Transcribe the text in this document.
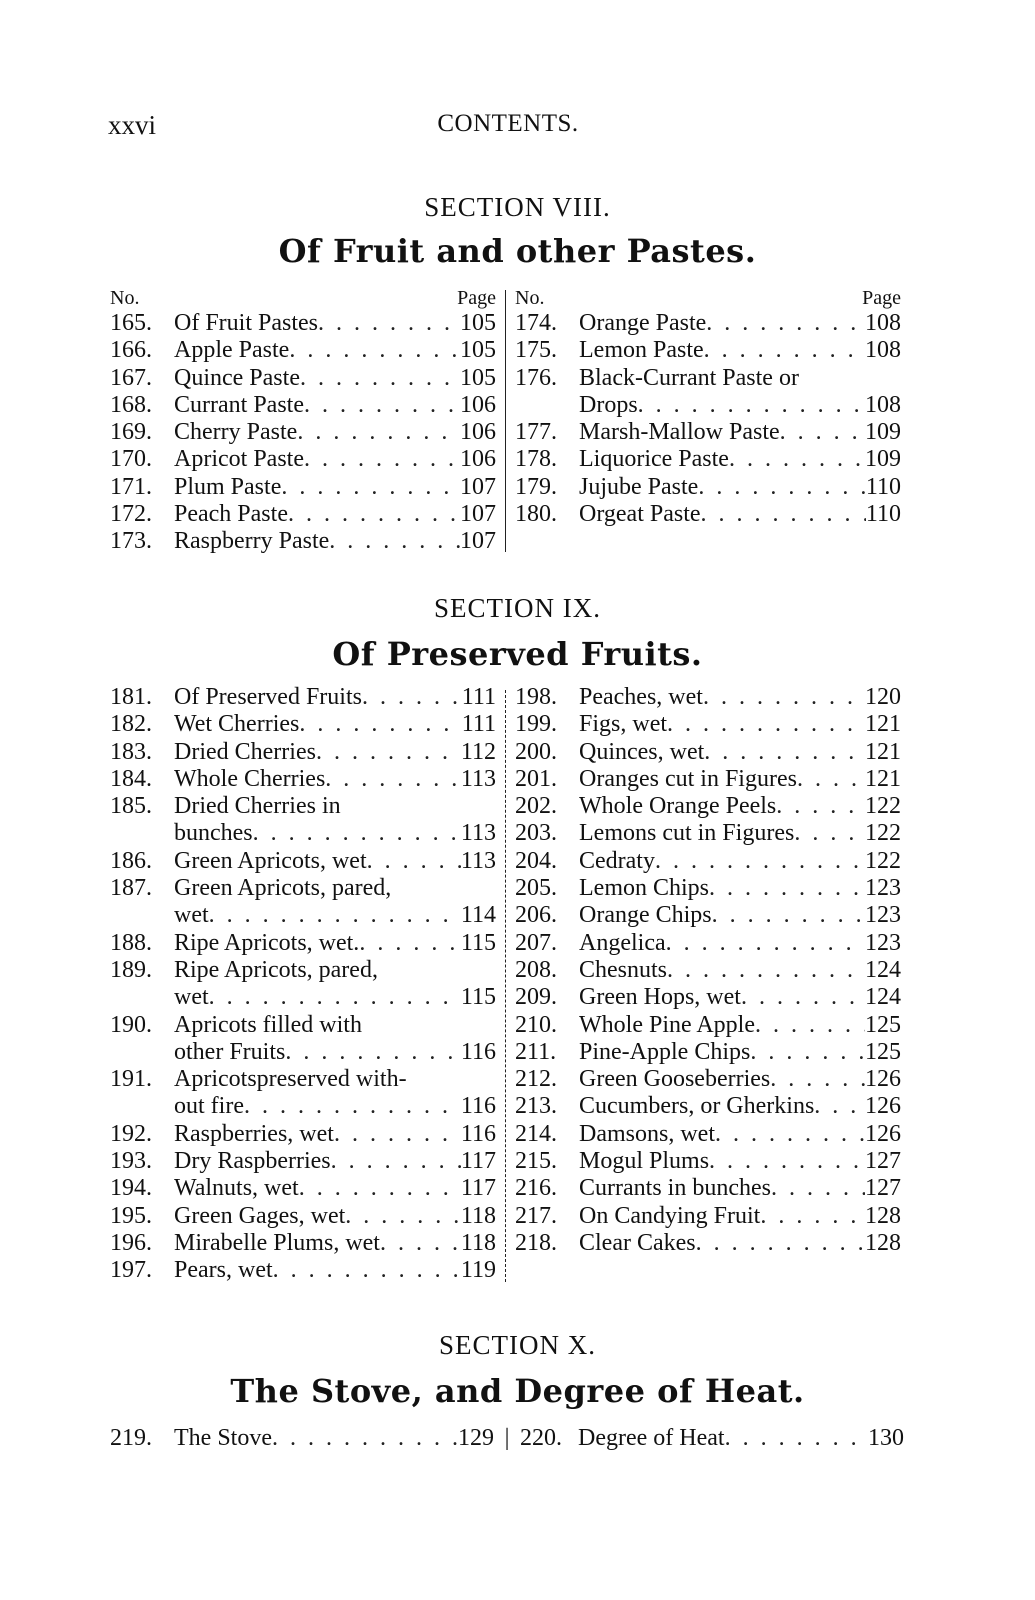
xxvi	CONTENTS.
SECTION VIII.
Of Fruit and other Pastes.
No.	Page
165. Of Fruit Pastes . . .	105
166. Apple Paste . . .	105
167. Quince Paste . . .	105
168. Currant Paste . . .	106
169. Cherry Paste . . .	106
170. Apricot Paste . . .	106
171. Plum Paste . . .	107
172. Peach Paste . . .	107
173. Raspberry Paste . . .	107
No.	Page
174. Orange Paste . . .	108
175. Lemon Paste . . .	108
176. Black-Currant Paste or
Drops . . .	108
177. Marsh-Mallow Paste . . .	109
178. Liquorice Paste . . .	109
179. Jujube Paste . . .	110
180. Orgeat Paste . . .	110
SECTION IX.
Of Preserved Fruits.
181. Of Preserved Fruits . . .	111
182. Wet Cherries . . .	111
183. Dried Cherries . . .	112
184. Whole Cherries . . .	113
185. Dried Cherries in
bunches . . .	113
186. Green Apricots, wet . . .	113
187. Green Apricots, pared,
wet . . .	114
188. Ripe Apricots, wet. . . .	115
189. Ripe Apricots, pared,
wet . . .	115
190. Apricots filled with
other Fruits . . .	116
191. Apricotspreserved with-
out fire . . .	116
192. Raspberries, wet . . .	116
193. Dry Raspberries . . .	117
194. Walnuts, wet . . .	117
195. Green Gages, wet . . .	118
196. Mirabelle Plums, wet . . .	118
197. Pears, wet . . .	119
198. Peaches, wet . . .	120
199. Figs, wet . . .	121
200. Quinces, wet . . .	121
201. Oranges cut in Figures . . .	121
202. Whole Orange Peels . . .	122
203. Lemons cut in Figures . . .	122
204. Cedraty . . .	122
205. Lemon Chips . . .	123
206. Orange Chips . . .	123
207. Angelica . . .	123
208. Chesnuts . . .	124
209. Green Hops, wet . . .	124
210. Whole Pine Apple . . .	125
211. Pine-Apple Chips . . .	125
212. Green Gooseberries . . .	126
213. Cucumbers, or Gherkins . . . 126
214. Damsons, wet . . .	126
215. Mogul Plums . . .	127
216. Currants in bunches . . .	127
217. On Candying Fruit . . .	128
218. Clear Cakes . . .	128
SECTION X.
The Stove, and Degree of Heat.
219. The Stove . . .	129 | 220. Degree of Heat . . .	130
